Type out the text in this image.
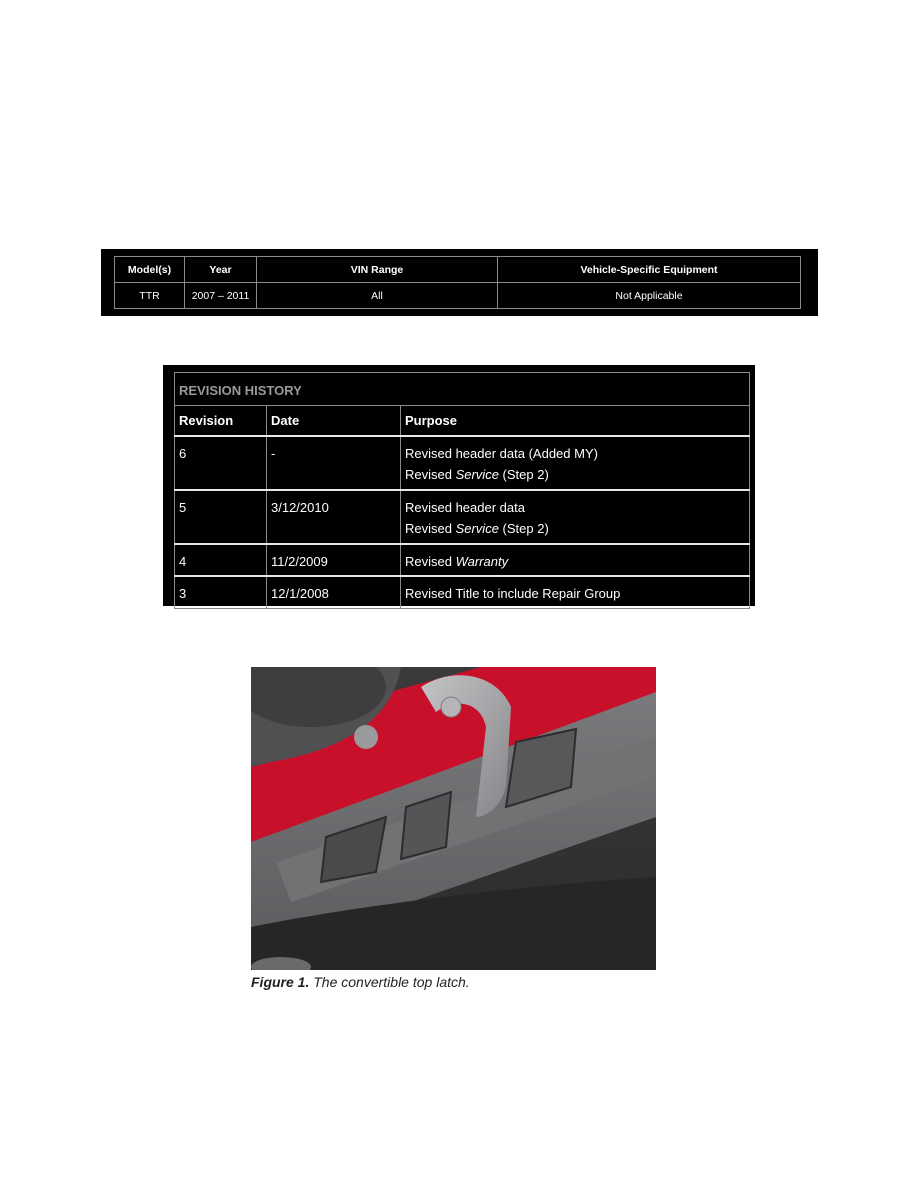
Model(s)	Year	VIN Range	Vehicle-Specific Equipment
TTR	2007 – 2011	All	Not Applicable
REVISION HISTORY		
Revision	Date	Purpose

6	-	Revised header data (Added MY)
Revised Service (Step 2)

5	3/12/2010	Revised header data
Revised Service (Step 2)

4	11/2/2009	Revised Warranty

3	12/1/2008	Revised Title to include Repair Group
Figure 1. The convertible top latch.
